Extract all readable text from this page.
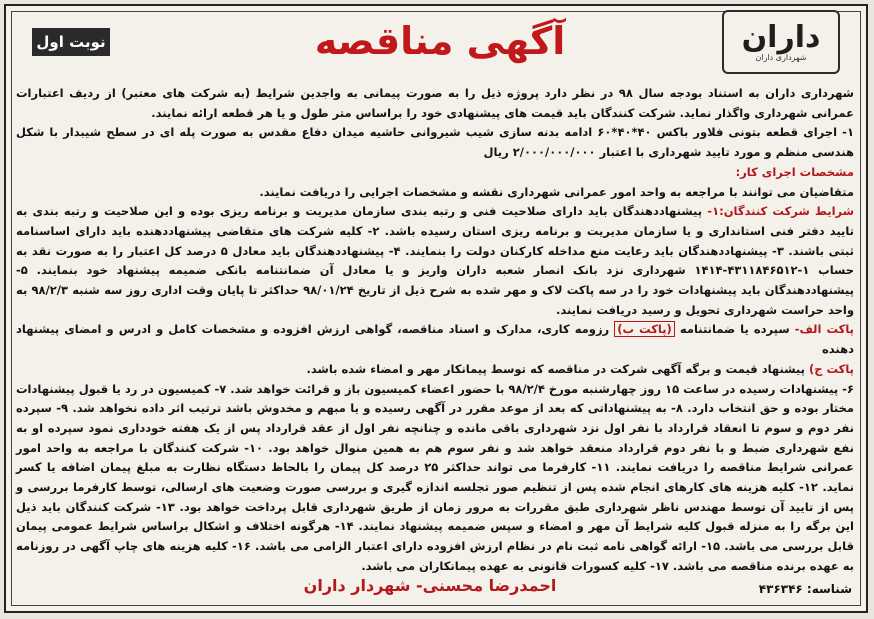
داران
شهرداری داران
آگهی مناقصه
نوبت اول

شهرداری داران به استناد بودجه سال ۹۸ در نظر دارد پروژه ذیل را به صورت پیمانی به واجدین شرایط (به شرکت های معتبر) از ردیف اعتبارات عمرانی شهرداری واگذار نماید. شرکت کنندگان باید قیمت های پیشنهادی خود را براساس متر طول و یا هر قطعه ارائه نمایند.

۱- اجرای قطعه بتونی فلاور باکس ۴۰*۴۰*۶۰ ادامه بدنه سازی شیب شیروانی حاشیه میدان دفاع مقدس به صورت پله ای در سطح شیبدار با شکل هندسی منظم و مورد تایید شهرداری با اعتبار ۲/۰۰۰/۰۰۰/۰۰۰ ریال

مشخصات اجرای کار:

متقاضیان می توانند با مراجعه به واحد امور عمرانی شهرداری نقشه و مشخصات اجرایی را دریافت نمایند.

شرایط شرکت کنندگان:۱- پیشنهاددهندگان باید دارای صلاحیت فنی و رتبه بندی سازمان مدیریت و برنامه ریزی بوده و این صلاحیت و رتبه بندی به تایید دفتر فنی استانداری و یا سازمان مدیریت و برنامه ریزی استان رسیده باشد. ۲- کلیه شرکت های متقاضی پیشنهاددهنده باید دارای اساسنامه ثبتی باشند. ۳- پیشنهاددهندگان باید رعایت منع مداخله کارکنان دولت را بنمایند. ۴- پیشنهاددهندگان باید معادل ۵ درصد کل اعتبار را به صورت نقد به حساب ۱-۴۳۱۱۸۴۶۵۱۲-۱۴۱۴ شهرداری نزد بانک انصار شعبه داران واریز و یا معادل آن ضمانتنامه بانکی ضمیمه پیشنهاد خود بنمایند. ۵- پیشنهاددهندگان باید پیشنهادات خود را در سه پاکت لاک و مهر شده به شرح ذیل از تاریخ ۹۸/۰۱/۲۴ حداکثر تا پایان وقت اداری روز سه شنبه ۹۸/۲/۳ به واحد حراست شهرداری تحویل و رسید دریافت نمایند.

پاکت الف- سپرده یا ضمانتنامه (پاکت ب) رزومه کاری، مدارک و اسناد مناقصه، گواهی ارزش افزوده و مشخصات کامل و ادرس و امضای پیشنهاد دهنده

پاکت ج) پیشنهاد قیمت و برگه آگهی شرکت در مناقصه که توسط پیمانکار مهر و امضاء شده باشد.

۶- پیشنهادات رسیده در ساعت ۱۵ روز چهارشنبه مورخ ۹۸/۲/۴ با حضور اعضاء کمیسیون باز و قرائت خواهد شد. ۷- کمیسیون در رد یا قبول پیشنهادات مختار بوده و حق انتخاب دارد. ۸- به پیشنهاداتی که بعد از موعد مقرر در آگهی رسیده و یا مبهم و مخدوش باشد ترتیب اثر داده نخواهد شد. ۹- سپرده نفر دوم و سوم تا انعقاد قرارداد با نفر اول نزد شهرداری باقی مانده و چنانچه نفر اول از عقد قرارداد پس از یک هفته خودداری نمود سپرده او به نفع شهرداری ضبط و با نفر دوم قرارداد منعقد خواهد شد و نفر سوم هم به همین منوال خواهد بود. ۱۰- شرکت کنندگان با مراجعه به واحد امور عمرانی شرایط مناقصه را دریافت نمایند. ۱۱- کارفرما می تواند حداکثر ۲۵ درصد کل پیمان را بالحاظ دستگاه نظارت به مبلغ پیمان اضافه یا کسر نماید. ۱۲- کلیه هزینه های کارهای انجام شده پس از تنظیم صور تجلسه اندازه گیری و بررسی صورت وضعیت های ارسالی، توسط کارفرما بررسی و پس از تایید آن توسط مهندس ناظر شهرداری طبق مقررات به مرور زمان از طریق شهرداری قابل پرداخت خواهد بود. ۱۳- شرکت کنندگان باید ذیل این برگه را به منزله قبول کلیه شرایط آن مهر و امضاء و سپس ضمیمه پیشنهاد نمایند. ۱۴- هرگونه اختلاف و اشکال براساس شرایط عمومی پیمان قابل بررسی می باشد. ۱۵- ارائه گواهی نامه ثبت نام در نظام ارزش افزوده دارای اعتبار الزامی می باشد. ۱۶- کلیه هزینه های چاپ آگهی در روزنامه به عهده برنده مناقصه می باشد. ۱۷- کلیه کسورات قانونی به عهده پیمانکاران می باشد.

احمدرضا محسنی- شهردار داران	شناسه: ۴۳۶۳۴۶
